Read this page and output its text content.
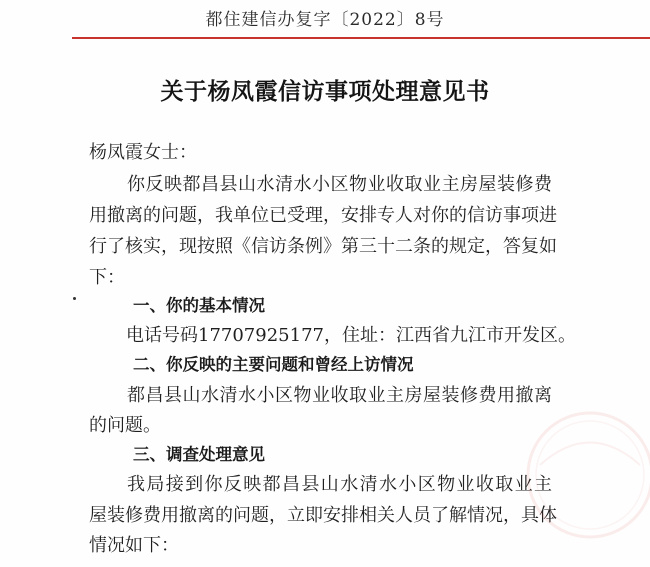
都住建信办复字〔2022〕8号
关于杨凤霞信访事项处理意见书
杨凤霞女士：
你反映都昌县山水清水小区物业收取业主房屋装修费
用撤离的问题，我单位已受理，安排专人对你的信访事项进
行了核实，现按照《信访条例》第三十二条的规定，答复如
下：
一、你的基本情况
电话号码17707925177，住址：江西省九江市开发区。
二、你反映的主要问题和曾经上访情况
都昌县山水清水小区物业收取业主房屋装修费用撤离
的问题。
三、调查处理意见
我局接到你反映都昌县山水清水小区物业收取业主
屋装修费用撤离的问题，立即安排相关人员了解情况，具体
情况如下：
